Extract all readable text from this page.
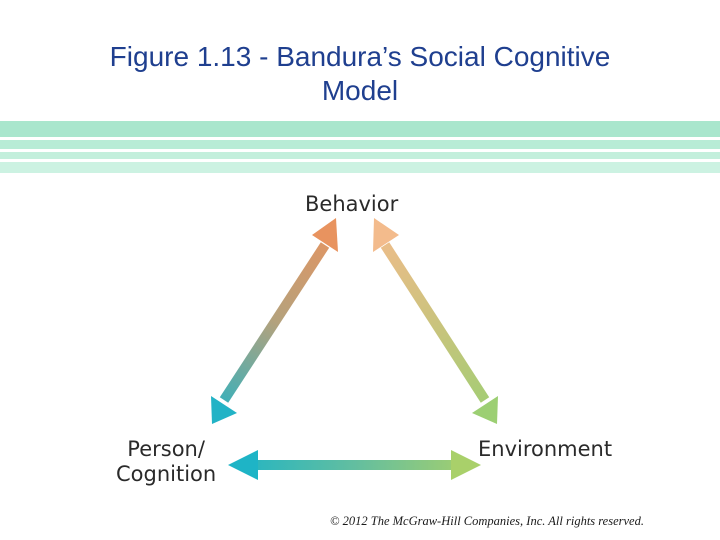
Figure 1.13 - Bandura’s Social Cognitive
Model
Behavior
Person/
Cognition
Environment
© 2012 The McGraw-Hill Companies, Inc. All rights reserved.
